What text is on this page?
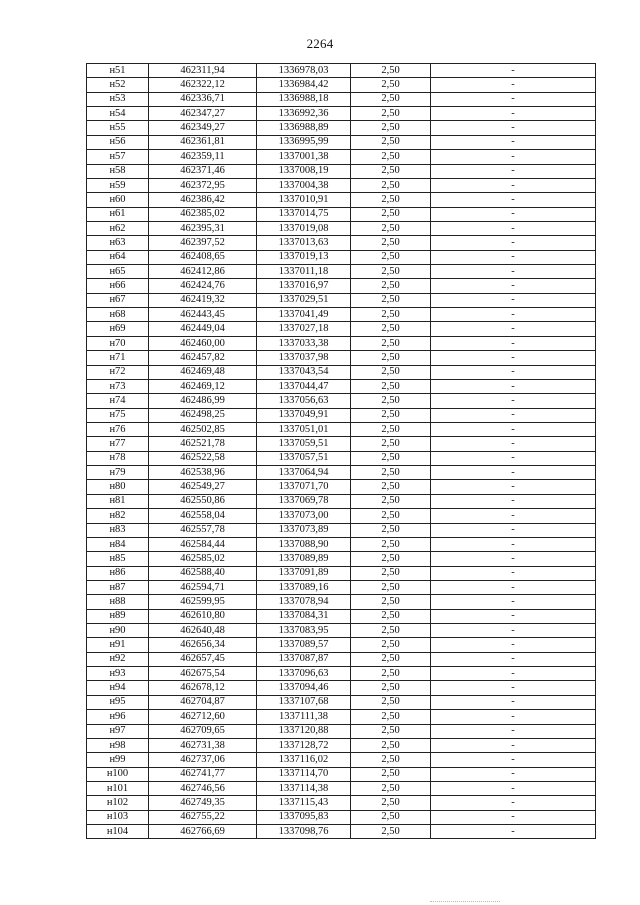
2264
н51	462311,94	1336978,03	2,50	-
н52	462322,12	1336984,42	2,50	-
н53	462336,71	1336988,18	2,50	-
н54	462347,27	1336992,36	2,50	-
н55	462349,27	1336988,89	2,50	-
н56	462361,81	1336995,99	2,50	-
н57	462359,11	1337001,38	2,50	-
н58	462371,46	1337008,19	2,50	-
н59	462372,95	1337004,38	2,50	-
н60	462386,42	1337010,91	2,50	-
н61	462385,02	1337014,75	2,50	-
н62	462395,31	1337019,08	2,50	-
н63	462397,52	1337013,63	2,50	-
н64	462408,65	1337019,13	2,50	-
н65	462412,86	1337011,18	2,50	-
н66	462424,76	1337016,97	2,50	-
н67	462419,32	1337029,51	2,50	-
н68	462443,45	1337041,49	2,50	-
н69	462449,04	1337027,18	2,50	-
н70	462460,00	1337033,38	2,50	-
н71	462457,82	1337037,98	2,50	-
н72	462469,48	1337043,54	2,50	-
н73	462469,12	1337044,47	2,50	-
н74	462486,99	1337056,63	2,50	-
н75	462498,25	1337049,91	2,50	-
н76	462502,85	1337051,01	2,50	-
н77	462521,78	1337059,51	2,50	-
н78	462522,58	1337057,51	2,50	-
н79	462538,96	1337064,94	2,50	-
н80	462549,27	1337071,70	2,50	-
н81	462550,86	1337069,78	2,50	-
н82	462558,04	1337073,00	2,50	-
н83	462557,78	1337073,89	2,50	-
н84	462584,44	1337088,90	2,50	-
н85	462585,02	1337089,89	2,50	-
н86	462588,40	1337091,89	2,50	-
н87	462594,71	1337089,16	2,50	-
н88	462599,95	1337078,94	2,50	-
н89	462610,80	1337084,31	2,50	-
н90	462640,48	1337083,95	2,50	-
н91	462656,34	1337089,57	2,50	-
н92	462657,45	1337087,87	2,50	-
н93	462675,54	1337096,63	2,50	-
н94	462678,12	1337094,46	2,50	-
н95	462704,87	1337107,68	2,50	-
н96	462712,60	1337111,38	2,50	-
н97	462709,65	1337120,88	2,50	-
н98	462731,38	1337128,72	2,50	-
н99	462737,06	1337116,02	2,50	-
н100	462741,77	1337114,70	2,50	-
н101	462746,56	1337114,38	2,50	-
н102	462749,35	1337115,43	2,50	-
н103	462755,22	1337095,83	2,50	-
н104	462766,69	1337098,76	2,50	-
